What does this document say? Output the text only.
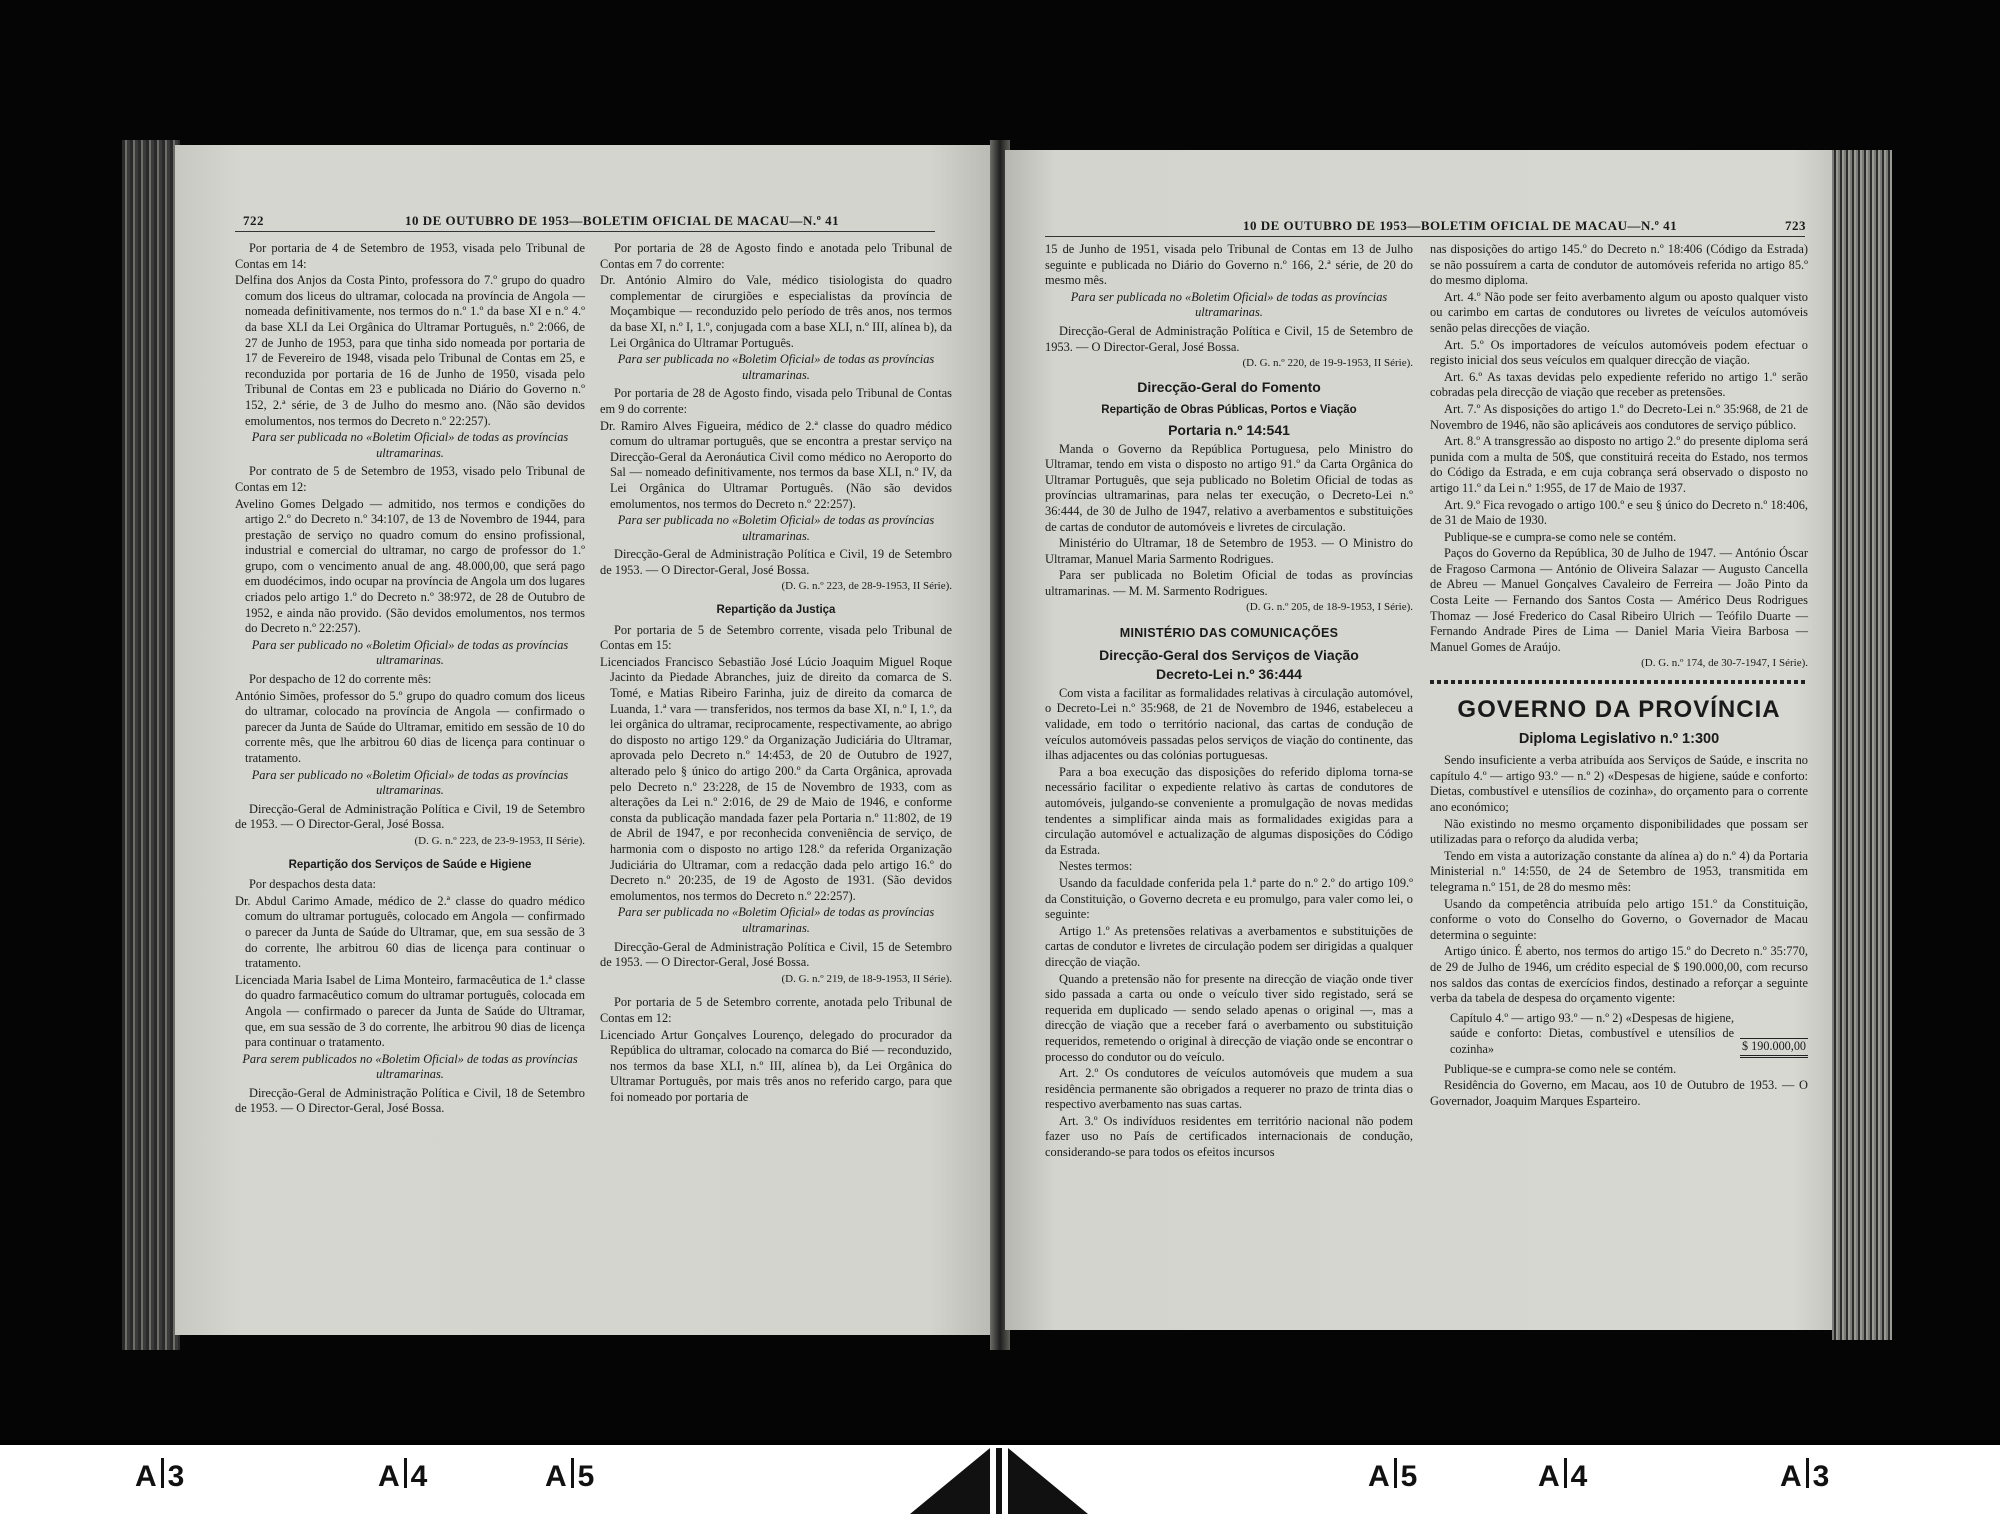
722	10 DE OUTUBRO DE 1953—BOLETIM OFICIAL DE MACAU—N.º 41

Por portaria de 4 de Setembro de 1953, visada pelo Tribunal de Contas em 14:

Delfina dos Anjos da Costa Pinto, professora do 7.º grupo do quadro comum dos liceus do ultramar, colocada na província de Angola — nomeada definitivamente, nos termos do n.º 1.º da base XI e n.º 4.º da base XLI da Lei Orgânica do Ultramar Português, n.º 2:066, de 27 de Junho de 1953, para que tinha sido nomeada por portaria de 17 de Fevereiro de 1948, visada pelo Tribunal de Contas em 25, e reconduzida por portaria de 16 de Junho de 1950, visada pelo Tribunal de Contas em 23 e publicada no Diário do Governo n.º 152, 2.ª série, de 3 de Julho do mesmo ano. (Não são devidos emolumentos, nos termos do Decreto n.º 22:257).

Para ser publicada no «Boletim Oficial» de todas as províncias ultramarinas.

Por contrato de 5 de Setembro de 1953, visado pelo Tribunal de Contas em 12:

Avelino Gomes Delgado — admitido, nos termos e condições do artigo 2.º do Decreto n.º 34:107, de 13 de Novembro de 1944, para prestação de serviço no quadro comum do ensino profissional, industrial e comercial do ultramar, no cargo de professor do 1.º grupo, com o vencimento anual de ang. 48.000,00, que será pago em duodécimos, indo ocupar na província de Angola um dos lugares criados pelo artigo 1.º do Decreto n.º 38:972, de 28 de Outubro de 1952, e ainda não provido. (São devidos emolumentos, nos termos do Decreto n.º 22:257).

Para ser publicado no «Boletim Oficial» de todas as províncias ultramarinas.

Por despacho de 12 do corrente mês:

António Simões, professor do 5.º grupo do quadro comum dos liceus do ultramar, colocado na província de Angola — confirmado o parecer da Junta de Saúde do Ultramar, emitido em sessão de 10 do corrente mês, que lhe arbitrou 60 dias de licença para continuar o tratamento.

Para ser publicado no «Boletim Oficial» de todas as províncias ultramarinas.

Direcção-Geral de Administração Política e Civil, 19 de Setembro de 1953. — O Director-Geral, José Bossa.

(D. G. n.º 223, de 23-9-1953, II Série).

Repartição dos Serviços de Saúde e Higiene

Por despachos desta data:

Dr. Abdul Carimo Amade, médico de 2.ª classe do quadro médico comum do ultramar português, colocado em Angola — confirmado o parecer da Junta de Saúde do Ultramar, que, em sua sessão de 3 do corrente, lhe arbitrou 60 dias de licença para continuar o tratamento.

Licenciada Maria Isabel de Lima Monteiro, farmacêutica de 1.ª classe do quadro farmacêutico comum do ultramar português, colocada em Angola — confirmado o parecer da Junta de Saúde do Ultramar, que, em sua sessão de 3 do corrente, lhe arbitrou 90 dias de licença para continuar o tratamento.

Para serem publicados no «Boletim Oficial» de todas as províncias ultramarinas.

Direcção-Geral de Administração Política e Civil, 18 de Setembro de 1953. — O Director-Geral, José Bossa.

Por portaria de 28 de Agosto findo e anotada pelo Tribunal de Contas em 7 do corrente:

Dr. António Almiro do Vale, médico tisiologista do quadro complementar de cirurgiões e especialistas da província de Moçambique — reconduzido pelo período de três anos, nos termos da base XI, n.º I, 1.º, conjugada com a base XLI, n.º III, alínea b), da Lei Orgânica do Ultramar Português.

Para ser publicada no «Boletim Oficial» de todas as províncias ultramarinas.

Por portaria de 28 de Agosto findo, visada pelo Tribunal de Contas em 9 do corrente:

Dr. Ramiro Alves Figueira, médico de 2.ª classe do quadro médico comum do ultramar português, que se encontra a prestar serviço na Direcção-Geral da Aeronáutica Civil como médico no Aeroporto do Sal — nomeado definitivamente, nos termos da base XLI, n.º IV, da Lei Orgânica do Ultramar Português. (Não são devidos emolumentos, nos termos do Decreto n.º 22:257).

Para ser publicada no «Boletim Oficial» de todas as províncias ultramarinas.

Direcção-Geral de Administração Política e Civil, 19 de Setembro de 1953. — O Director-Geral, José Bossa.

(D. G. n.º 223, de 28-9-1953, II Série).

Repartição da Justiça

Por portaria de 5 de Setembro corrente, visada pelo Tribunal de Contas em 15:

Licenciados Francisco Sebastião José Lúcio Joaquim Miguel Roque Jacinto da Piedade Abranches, juiz de direito da comarca de S. Tomé, e Matias Ribeiro Farinha, juiz de direito da comarca de Luanda, 1.ª vara — transferidos, nos termos da base XI, n.º I, 1.º, da lei orgânica do ultramar, reciprocamente, respectivamente, ao abrigo do disposto no artigo 129.º da Organização Judiciária do Ultramar, aprovada pelo Decreto n.º 14:453, de 20 de Outubro de 1927, alterado pelo § único do artigo 200.º da Carta Orgânica, aprovada pelo Decreto n.º 23:228, de 15 de Novembro de 1933, com as alterações da Lei n.º 2:016, de 29 de Maio de 1946, e conforme consta da publicação mandada fazer pela Portaria n.º 11:802, de 19 de Abril de 1947, e por reconhecida conveniência de serviço, de harmonia com o disposto no artigo 128.º da referida Organização Judiciária do Ultramar, com a redacção dada pelo artigo 16.º do Decreto n.º 20:235, de 19 de Agosto de 1931. (São devidos emolumentos, nos termos do Decreto n.º 22:257).

Para ser publicada no «Boletim Oficial» de todas as províncias ultramarinas.

Direcção-Geral de Administração Política e Civil, 15 de Setembro de 1953. — O Director-Geral, José Bossa.

(D. G. n.º 219, de 18-9-1953, II Série).

Por portaria de 5 de Setembro corrente, anotada pelo Tribunal de Contas em 12:

Licenciado Artur Gonçalves Lourenço, delegado do procurador da República do ultramar, colocado na comarca do Bié — reconduzido, nos termos da base XLI, n.º III, alínea b), da Lei Orgânica do Ultramar Português, por mais três anos no referido cargo, para que foi nomeado por portaria de

10 DE OUTUBRO DE 1953—BOLETIM OFICIAL DE MACAU—N.º 41	723

15 de Junho de 1951, visada pelo Tribunal de Contas em 13 de Julho seguinte e publicada no Diário do Governo n.º 166, 2.ª série, de 20 do mesmo mês.

Para ser publicada no «Boletim Oficial» de todas as províncias ultramarinas.

Direcção-Geral de Administração Política e Civil, 15 de Setembro de 1953. — O Director-Geral, José Bossa.

(D. G. n.º 220, de 19-9-1953, II Série).

Direcção-Geral do Fomento

Repartição de Obras Públicas, Portos e Viação

Portaria n.º 14:541

Manda o Governo da República Portuguesa, pelo Ministro do Ultramar, tendo em vista o disposto no artigo 91.º da Carta Orgânica do Ultramar Português, que seja publicado no Boletim Oficial de todas as províncias ultramarinas, para nelas ter execução, o Decreto-Lei n.º 36:444, de 30 de Julho de 1947, relativo a averbamentos e substituições de cartas de condutor de automóveis e livretes de circulação.

Ministério do Ultramar, 18 de Setembro de 1953. — O Ministro do Ultramar, Manuel Maria Sarmento Rodrigues.

Para ser publicada no Boletim Oficial de todas as províncias ultramarinas. — M. M. Sarmento Rodrigues.

(D. G. n.º 205, de 18-9-1953, I Série).

MINISTÉRIO DAS COMUNICAÇÕES

Direcção-Geral dos Serviços de Viação

Decreto-Lei n.º 36:444

Com vista a facilitar as formalidades relativas à circulação automóvel, o Decreto-Lei n.º 35:968, de 21 de Novembro de 1946, estabeleceu a validade, em todo o território nacional, das cartas de condução de veículos automóveis passadas pelos serviços de viação do continente, das ilhas adjacentes ou das colónias portuguesas.

Para a boa execução das disposições do referido diploma torna-se necessário facilitar o expediente relativo às cartas de condutores de automóveis, julgando-se conveniente a promulgação de novas medidas tendentes a simplificar ainda mais as formalidades exigidas para a circulação automóvel e actualização de algumas disposições do Código da Estrada.

Nestes termos:

Usando da faculdade conferida pela 1.ª parte do n.º 2.º do artigo 109.º da Constituição, o Governo decreta e eu promulgo, para valer como lei, o seguinte:

Artigo 1.º As pretensões relativas a averbamentos e substituições de cartas de condutor e livretes de circulação podem ser dirigidas a qualquer direcção de viação.

Quando a pretensão não for presente na direcção de viação onde tiver sido passada a carta ou onde o veículo tiver sido registado, será se requerida em duplicado — sendo selado apenas o original —, mas a direcção de viação que a receber fará o averbamento ou substituição requeridos, remetendo o original à direcção de viação onde se encontrar o processo do condutor ou do veículo.

Art. 2.º Os condutores de veículos automóveis que mudem a sua residência permanente são obrigados a requerer no prazo de trinta dias o respectivo averbamento nas suas cartas.

Art. 3.º Os indivíduos residentes em território nacional não podem fazer uso no País de certificados internacionais de condução, considerando-se para todos os efeitos incursos

nas disposições do artigo 145.º do Decreto n.º 18:406 (Código da Estrada) se não possuírem a carta de condutor de automóveis referida no artigo 85.º do mesmo diploma.

Art. 4.º Não pode ser feito averbamento algum ou aposto qualquer visto ou carimbo em cartas de condutores ou livretes de veículos automóveis senão pelas direcções de viação.

Art. 5.º Os importadores de veículos automóveis podem efectuar o registo inicial dos seus veículos em qualquer direcção de viação.

Art. 6.º As taxas devidas pelo expediente referido no artigo 1.º serão cobradas pela direcção de viação que receber as pretensões.

Art. 7.º As disposições do artigo 1.º do Decreto-Lei n.º 35:968, de 21 de Novembro de 1946, não são aplicáveis aos condutores de serviço público.

Art. 8.º A transgressão ao disposto no artigo 2.º do presente diploma será punida com a multa de 50$, que constituirá receita do Estado, nos termos do Código da Estrada, e em cuja cobrança será observado o disposto no artigo 11.º da Lei n.º 1:955, de 17 de Maio de 1937.

Art. 9.º Fica revogado o artigo 100.º e seu § único do Decreto n.º 18:406, de 31 de Maio de 1930.

Publique-se e cumpra-se como nele se contém.

Paços do Governo da República, 30 de Julho de 1947. — António Óscar de Fragoso Carmona — António de Oliveira Salazar — Augusto Cancella de Abreu — Manuel Gonçalves Cavaleiro de Ferreira — João Pinto da Costa Leite — Fernando dos Santos Costa — Américo Deus Rodrigues Thomaz — José Frederico do Casal Ribeiro Ulrich — Teófilo Duarte — Fernando Andrade Pires de Lima — Daniel Maria Vieira Barbosa — Manuel Gomes de Araújo.

(D. G. n.º 174, de 30-7-1947, I Série).

GOVERNO DA PROVÍNCIA

Diploma Legislativo n.º 1:300

Sendo insuficiente a verba atribuída aos Serviços de Saúde, e inscrita no capítulo 4.º — artigo 93.º — n.º 2) «Despesas de higiene, saúde e conforto: Dietas, combustível e utensílios de cozinha», do orçamento para o corrente ano económico;

Não existindo no mesmo orçamento disponibilidades que possam ser utilizadas para o reforço da aludida verba;

Tendo em vista a autorização constante da alínea a) do n.º 4) da Portaria Ministerial n.º 14:550, de 24 de Setembro de 1953, transmitida em telegrama n.º 151, de 28 do mesmo mês:

Usando da competência atribuída pelo artigo 151.º da Constituição, conforme o voto do Conselho do Governo, o Governador de Macau determina o seguinte:

Artigo único. É aberto, nos termos do artigo 15.º do Decreto n.º 35:770, de 29 de Julho de 1946, um crédito especial de $ 190.000,00, com recurso nos saldos das contas de exercícios findos, destinado a reforçar a seguinte verba da tabela de despesa do orçamento vigente:

Capítulo 4.º — artigo 93.º — n.º 2) «Despesas de higiene, saúde e conforto: Dietas, combustível e utensílios de cozinha»	$ 190.000,00

Publique-se e cumpra-se como nele se contém.

Residência do Governo, em Macau, aos 10 de Outubro de 1953. — O Governador, Joaquim Marques Esparteiro.

A 3	A 4	A 5	A 5	A 4	A 3
